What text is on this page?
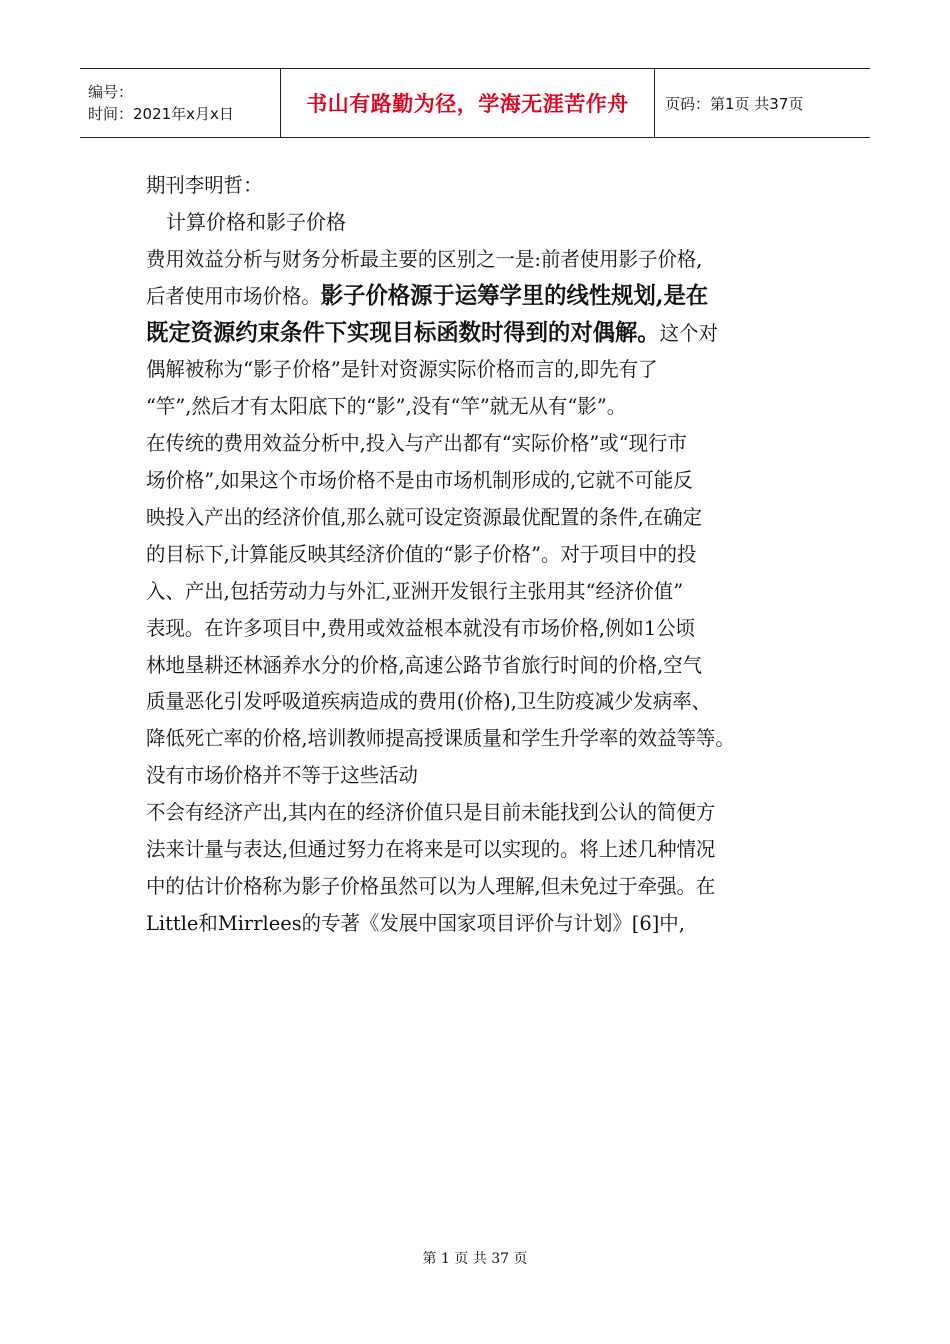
编号：
时间：2021年x月x日	书山有路勤为径，学海无涯苦作舟 页码：第1页 共37页
期刊李明哲：
计算价格和影子价格
费用效益分析与财务分析最主要的区别之一是:前者使用影子价格,
后者使用市场价格。影子价格源于运筹学里的线性规划,是在
既定资源约束条件下实现目标函数时得到的对偶解。这个对
偶解被称为“影子价格”是针对资源实际价格而言的,即先有了
“竿”,然后才有太阳底下的“影”,没有“竿”就无从有“影”。
在传统的费用效益分析中,投入与产出都有“实际价格”或“现行市
场价格”,如果这个市场价格不是由市场机制形成的,它就不可能反
映投入产出的经济价值,那么就可设定资源最优配置的条件,在确定
的目标下,计算能反映其经济价值的“影子价格”。对于项目中的投
入、产出,包括劳动力与外汇,亚洲开发银行主张用其“经济价值”
表现。在许多项目中,费用或效益根本就没有市场价格,例如1公顷
林地垦耕还林涵养水分的价格,高速公路节省旅行时间的价格,空气
质量恶化引发呼吸道疾病造成的费用(价格),卫生防疫减少发病率、
降低死亡率的价格,培训教师提高授课质量和学生升学率的效益等等。
没有市场价格并不等于这些活动
不会有经济产出,其内在的经济价值只是目前未能找到公认的简便方
法来计量与表达,但通过努力在将来是可以实现的。将上述几种情况
中的估计价格称为影子价格虽然可以为人理解,但未免过于牵强。在
Little和Mirrlees的专著《发展中国家项目评价与计划》[6]中,
第 1 页 共 37 页
